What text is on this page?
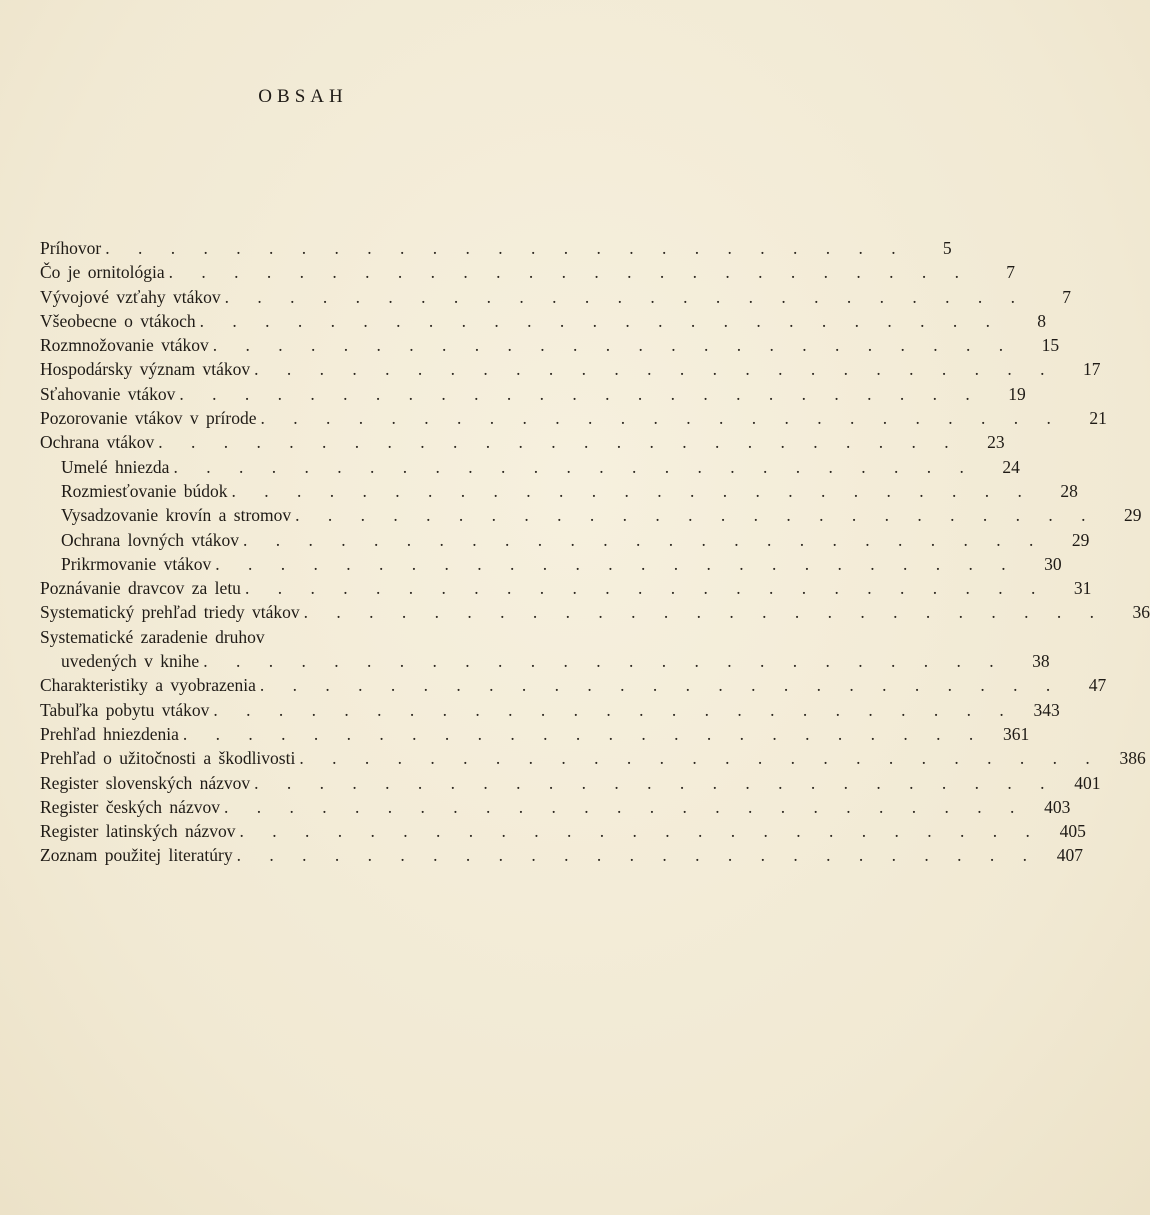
OBSAH
Príhovor . . . . . . . . . . . . . . . . . . . . . . . . .	5
Čo je ornitológia . . . . . . . . . . . . . . . . . . . . . . . . .	7
Vývojové vzťahy vtákov . . . . . . . . . . . . . . . . . . . . . . . . .	7
Všeobecne o vtákoch . . . . . . . . . . . . . . . . . . . . . . . . .	8
Rozmnožovanie vtákov . . . . . . . . . . . . . . . . . . . . . . . . .	15
Hospodársky význam vtákov . . . . . . . . . . . . . . . . . . . . . . . . .	17
Sťahovanie vtákov . . . . . . . . . . . . . . . . . . . . . . . . .	19
Pozorovanie vtákov v prírode . . . . . . . . . . . . . . . . . . . . . . . . .	21
Ochrana vtákov . . . . . . . . . . . . . . . . . . . . . . . . .	23
Umelé hniezda . . . . . . . . . . . . . . . . . . . . . . . . .	24
Rozmiesťovanie búdok . . . . . . . . . . . . . . . . . . . . . . . . .	28
Vysadzovanie krovín a stromov . . . . . . . . . . . . . . . . . . . . . . . . .	29
Ochrana lovných vtákov . . . . . . . . . . . . . . . . . . . . . . . . .	29
Prikrmovanie vtákov . . . . . . . . . . . . . . . . . . . . . . . . .	30
Poznávanie dravcov za letu . . . . . . . . . . . . . . . . . . . . . . . . .	31
Systematický prehľad triedy vtákov . . . . . . . . . . . . . . . . . . . . . . . . .	36
Systematické zaradenie druhov
uvedených v knihe . . . . . . . . . . . . . . . . . . . . . . . . .	38
Charakteristiky a vyobrazenia . . . . . . . . . . . . . . . . . . . . . . . . .	47
Tabuľka pobytu vtákov . . . . . . . . . . . . . . . . . . . . . . . . .	343
Prehľad hniezdenia . . . . . . . . . . . . . . . . . . . . . . . . .	361
Prehľad o užitočnosti a škodlivosti . . . . . . . . . . . . . . . . . . . . . . . . .	386
Register slovenských názvov . . . . . . . . . . . . . . . . . . . . . . . . .	401
Register českých názvov . . . . . . . . . . . . . . . . . . . . . . . . .	403
Register latinských názvov . . . . . . . . . . . . . . . . . . . . . . . . .	405
Zoznam použitej literatúry . . . . . . . . . . . . . . . . . . . . . . . . .	407
